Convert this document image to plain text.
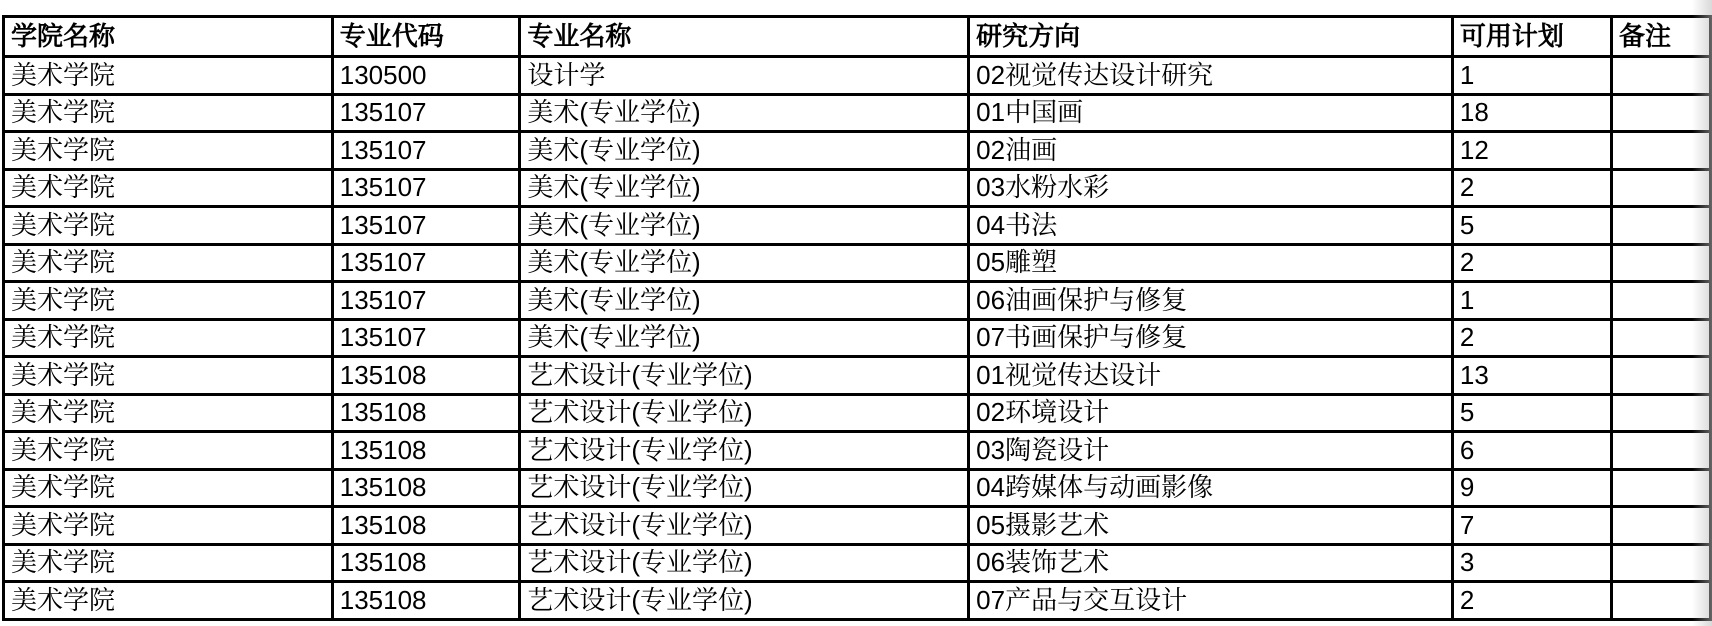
学院名称	专业代码	专业名称	研究方向	可用计划	备注
美术学院	130500	设计学	02视觉传达设计研究	1	
美术学院	135107	美术(专业学位)	01中国画	18	
美术学院	135107	美术(专业学位)	02油画	12	
美术学院	135107	美术(专业学位)	03水粉水彩	2	
美术学院	135107	美术(专业学位)	04书法	5	
美术学院	135107	美术(专业学位)	05雕塑	2	
美术学院	135107	美术(专业学位)	06油画保护与修复	1	
美术学院	135107	美术(专业学位)	07书画保护与修复	2	
美术学院	135108	艺术设计(专业学位)	01视觉传达设计	13	
美术学院	135108	艺术设计(专业学位)	02环境设计	5	
美术学院	135108	艺术设计(专业学位)	03陶瓷设计	6	
美术学院	135108	艺术设计(专业学位)	04跨媒体与动画影像	9	
美术学院	135108	艺术设计(专业学位)	05摄影艺术	7	
美术学院	135108	艺术设计(专业学位)	06装饰艺术	3	
美术学院	135108	艺术设计(专业学位)	07产品与交互设计	2	
